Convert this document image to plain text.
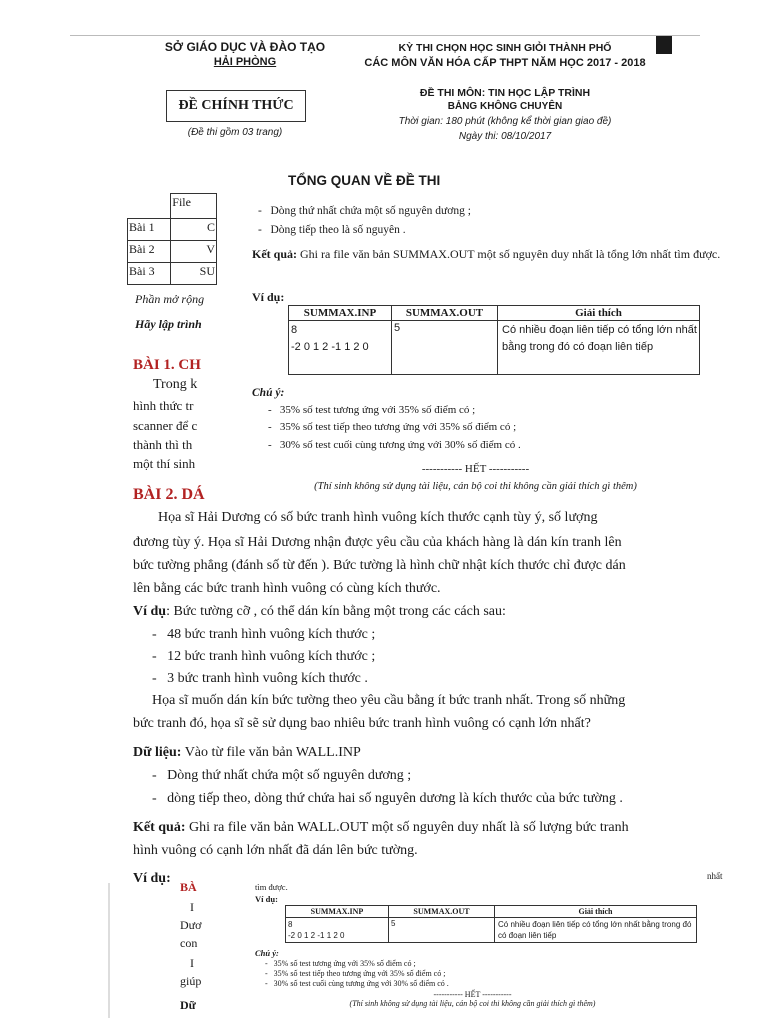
SỞ GIÁO DỤC VÀ ĐÀO TẠO
HẢI PHÒNG
KỲ THI CHỌN HỌC SINH GIỎI THÀNH PHỐ
CÁC MÔN VĂN HÓA CẤP THPT NĂM HỌC 2017 - 2018
ĐỀ CHÍNH THỨC
(Đề thi gồm 03 trang)
ĐỀ THI MÔN: TIN HỌC LẬP TRÌNH
BẢNG KHÔNG CHUYÊN
Thời gian: 180 phút (không kể thời gian giao đề)
Ngày thi: 08/10/2017
TỔNG QUAN VỀ ĐỀ THI
	File
Bài 1	C
Bài 2	V
Bài 3	SU
Phần mở rộng
Hãy lập trình
BÀI 1. CH
Trong k
hình thức tr
scanner để c
thành thì th
một thí sinh
BÀI 2. DÁ
-   Dòng thứ nhất chứa một số nguyên dương ;
-   Dòng tiếp theo là số nguyên .
Kết quả: Ghi ra file văn bản SUMMAX.OUT một số nguyên duy nhất là tổng lớn nhất tìm được.
Ví dụ:
SUMMAX.INP	SUMMAX.OUT	Giải thích

8
-2 0 1 2 -1 1 2 0	5	Có nhiều đoạn liên tiếp có tổng lớn nhất bằng trong đó có đoạn liên tiếp
Chú ý:
-   35% số test tương ứng với 35% số điểm có ;
-   35% số test tiếp theo tương ứng với 35% số điểm có ;
-   30% số test cuối cùng tương ứng với 30% số điểm có .
----------- HẾT -----------
(Thí sinh không sử dụng tài liệu, cán bộ coi thi không cần giải thích gì thêm)
Họa sĩ Hải Dương có số bức tranh hình vuông kích thước cạnh tùy ý, số lượng
đương tùy ý. Họa sĩ Hải Dương nhận được yêu cầu của khách hàng là dán kín tranh lên
bức tường phẳng (đánh số từ đến ). Bức tường là hình chữ nhật kích thước chỉ được dán
lên bằng các bức tranh hình vuông có cùng kích thước.
Ví dụ: Bức tường cỡ , có thể dán kín bằng một trong các cách sau:
-   48 bức tranh hình vuông kích thước ;
-   12 bức tranh hình vuông kích thước ;
-   3 bức tranh hình vuông kích thước .
Họa sĩ muốn dán kín bức tường theo yêu cầu bằng ít bức tranh nhất. Trong số những
bức tranh đó, họa sĩ sẽ sử dụng bao nhiêu bức tranh hình vuông có cạnh lớn nhất?
Dữ liệu: Vào từ file văn bản WALL.INP
-   Dòng thứ nhất chứa một số nguyên dương ;
-   dòng tiếp theo, dòng thứ chứa hai số nguyên dương là kích thước của bức tường .
Kết quả: Ghi ra file văn bản WALL.OUT một số nguyên duy nhất là số lượng bức tranh
hình vuông có cạnh lớn nhất đã dán lên bức tường.
Ví dụ:	nhất
BÀ
I
Dươ
con
I
giúp
Dữ
tìm được.
Ví dụ:
SUMMAX.INP	SUMMAX.OUT	Giải thích

8
-2 0 1 2 -1 1 2 0	5	Có nhiều đoạn liên tiếp có tổng lớn nhất bằng trong đó có đoạn liên tiếp
Chú ý:
-   35% số test tương ứng với 35% số điểm có ;
-   35% số test tiếp theo tương ứng với 35% số điểm có ;
-   30% số test cuối cùng tương ứng với 30% số điểm có .
----------- HẾT -----------
(Thí sinh không sử dụng tài liệu, cán bộ coi thi không cần giải thích gì thêm)
